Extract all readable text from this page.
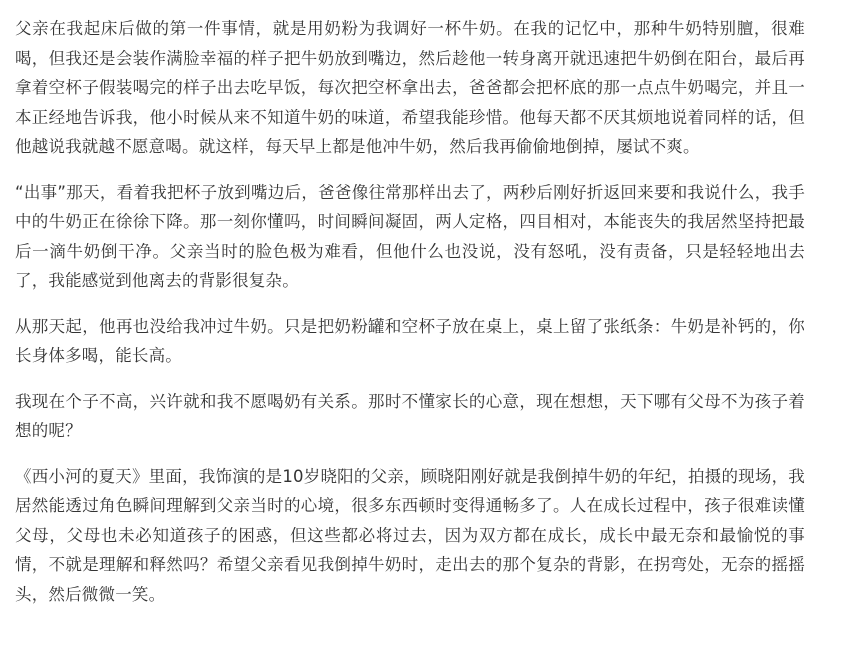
父亲在我起床后做的第一件事情，就是用奶粉为我调好一杯牛奶。在我的记忆中，那种牛奶特别膻，很难喝，但我还是会装作满脸幸福的样子把牛奶放到嘴边，然后趁他一转身离开就迅速把牛奶倒在阳台，最后再拿着空杯子假装喝完的样子出去吃早饭，每次把空杯拿出去，爸爸都会把杯底的那一点点牛奶喝完，并且一本正经地告诉我，他小时候从来不知道牛奶的味道，希望我能珍惜。他每天都不厌其烦地说着同样的话，但他越说我就越不愿意喝。就这样，每天早上都是他冲牛奶，然后我再偷偷地倒掉，屡试不爽。

“出事”那天，看着我把杯子放到嘴边后，爸爸像往常那样出去了，两秒后刚好折返回来要和我说什么，我手中的牛奶正在徐徐下降。那一刻你懂吗，时间瞬间凝固，两人定格，四目相对，本能丧失的我居然坚持把最后一滴牛奶倒干净。父亲当时的脸色极为难看，但他什么也没说，没有怒吼，没有责备，只是轻轻地出去了，我能感觉到他离去的背影很复杂。

从那天起，他再也没给我冲过牛奶。只是把奶粉罐和空杯子放在桌上，桌上留了张纸条：牛奶是补钙的，你长身体多喝，能长高。

我现在个子不高，兴许就和我不愿喝奶有关系。那时不懂家长的心意，现在想想，天下哪有父母不为孩子着想的呢？

《西小河的夏天》里面，我饰演的是10岁晓阳的父亲，顾晓阳刚好就是我倒掉牛奶的年纪，拍摄的现场，我居然能透过角色瞬间理解到父亲当时的心境，很多东西顿时变得通畅多了。人在成长过程中，孩子很难读懂父母，父母也未必知道孩子的困惑，但这些都必将过去，因为双方都在成长，成长中最无奈和最愉悦的事情，不就是理解和释然吗？希望父亲看见我倒掉牛奶时，走出去的那个复杂的背影，在拐弯处，无奈的摇摇头，然后微微一笑。
